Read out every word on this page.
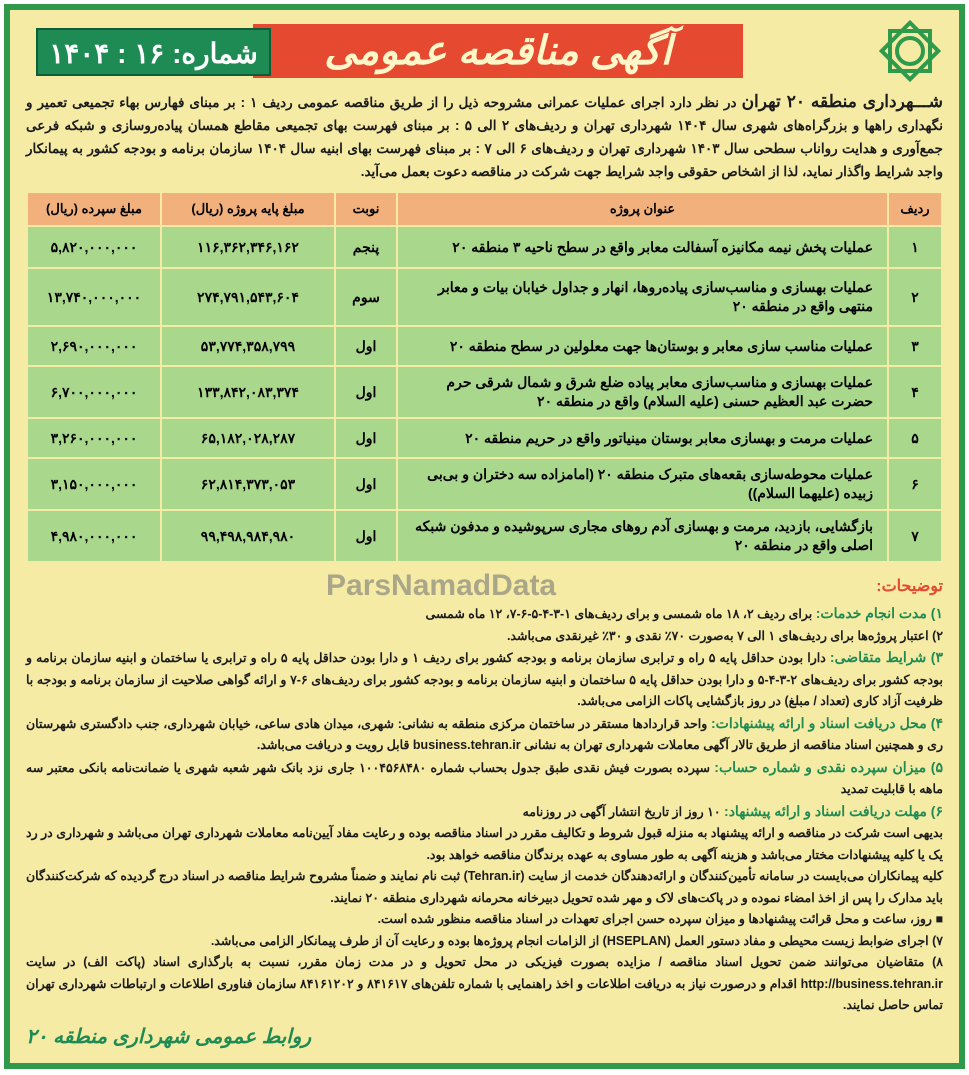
آگهی مناقصه عمومی
شماره: ۱۶ : ۱۴۰۴

شـــهرداری منطقه ۲۰ تهران در نظر دارد اجرای عملیات عمرانی مشروحه ذیل را از طریق مناقصه عمومی ردیف ۱ : بر مبنای فهارس بهاء تجمیعی تعمیر و نگهداری راهها و بزرگراه‌های شهری سال ۱۴۰۴ شهرداری تهران و ردیف‌های ۲ الی ۵ : بر مبنای فهرست بهای تجمیعی مقاطع همسان پیاده‌روسازی و شبکه فرعی جمع‌آوری و هدایت رواناب سطحی سال ۱۴۰۳ شهرداری تهران و ردیف‌های ۶ الی ۷ : بر مبنای فهرست بهای ابنیه سال ۱۴۰۴ سازمان برنامه و بودجه کشور به پیمانکار واجد شرایط واگذار نماید، لذا از اشخاص حقوقی واجد شرایط جهت شرکت در مناقصه دعوت بعمل می‌آید.

ردیف	عنوان پروژه	نوبت	مبلغ پایه پروژه (ریال)	مبلغ سپرده (ریال)
۱	عملیات پخش نیمه مکانیزه آسفالت معابر واقع در سطح ناحیه ۳ منطقه ۲۰	پنجم	۱۱۶,۳۶۲,۳۴۶,۱۶۲	۵,۸۲۰,۰۰۰,۰۰۰
۲	عملیات بهسازی و مناسب‌سازی پیاده‌روها، انهار و جداول خیابان بیات و معابر منتهی واقع در منطقه ۲۰	سوم	۲۷۴,۷۹۱,۵۴۳,۶۰۴	۱۳,۷۴۰,۰۰۰,۰۰۰
۳	عملیات مناسب سازی معابر و بوستان‌ها جهت معلولین در سطح منطقه ۲۰	اول	۵۳,۷۷۴,۳۵۸,۷۹۹	۲,۶۹۰,۰۰۰,۰۰۰
۴	عملیات بهسازی و مناسب‌سازی معابر پیاده ضلع شرق و شمال شرقی حرم حضرت عبد العظیم حسنی (علیه السلام) واقع در منطقه ۲۰	اول	۱۳۳,۸۴۲,۰۸۳,۳۷۴	۶,۷۰۰,۰۰۰,۰۰۰
۵	عملیات مرمت و بهسازی معابر بوستان مینیاتور واقع در حریم منطقه ۲۰	اول	۶۵,۱۸۲,۰۲۸,۲۸۷	۳,۲۶۰,۰۰۰,۰۰۰
۶	عملیات محوطه‌سازی بقعه‌های متبرک منطقه ۲۰ (امامزاده سه دختران و بی‌بی زبیده (علیهما السلام))	اول	۶۲,۸۱۴,۳۷۳,۰۵۳	۳,۱۵۰,۰۰۰,۰۰۰
۷	بازگشایی، بازدید، مرمت و بهسازی آدم روهای مجاری سرپوشیده و مدفون شبکه اصلی واقع در منطقه ۲۰	اول	۹۹,۴۹۸,۹۸۴,۹۸۰	۴,۹۸۰,۰۰۰,۰۰۰
توضیحات:
ParsNamadData

۱) مدت انجام خدمات: برای ردیف ۲، ۱۸ ماه شمسی و برای ردیف‌های ۱-۳-۴-۵-۶-۷، ۱۲ ماه شمسی

۲) اعتبار پروژه‌ها برای ردیف‌های ۱ الی ۷ به‌صورت ۷۰٪ نقدی و ۳۰٪ غیرنقدی می‌باشد.

۳) شرایط متقاضی: دارا بودن حداقل پایه ۵ راه و ترابری سازمان برنامه و بودجه کشور برای ردیف ۱ و دارا بودن حداقل پایه ۵ راه و ترابری یا ساختمان و ابنیه سازمان برنامه و بودجه کشور برای ردیف‌های ۲-۳-۴-۵ و دارا بودن حداقل پایه ۵ ساختمان و ابنیه سازمان برنامه و بودجه کشور برای ردیف‌های ۶-۷ و ارائه گواهی صلاحیت از سازمان برنامه و بودجه با ظرفیت آزاد کاری (تعداد / مبلغ) در روز بازگشایی پاکات الزامی می‌باشد.

۴) محل دریافت اسناد و ارائه پیشنهادات: واحد قراردادها مستقر در ساختمان مرکزی منطقه به نشانی: شهری، میدان هادی ساعی، خیابان شهرداری، جنب دادگستری شهرستان ری و همچنین اسناد مناقصه از طریق تالار آگهی معاملات شهرداری تهران به نشانی business.tehran.ir قابل رویت و دریافت می‌باشد.

۵) میزان سپرده نقدی و شماره حساب: سپرده بصورت فیش نقدی طبق جدول بحساب شماره ۱۰۰۴۵۶۸۴۸۰ جاری نزد بانک شهر شعبه شهری یا ضمانت‌نامه بانکی معتبر سه ماهه با قابلیت تمدید

۶) مهلت دریافت اسناد و ارائه پیشنهاد: ۱۰ روز از تاریخ انتشار آگهی در روزنامه

بدیهی است شرکت در مناقصه و ارائه پیشنهاد به منزله قبول شروط و تکالیف مقرر در اسناد مناقصه بوده و رعایت مفاد آیین‌نامه معاملات شهرداری تهران می‌باشد و شهرداری در رد یک یا کلیه پیشنهادات مختار می‌باشد و هزینه آگهی به طور مساوی به عهده برندگان مناقصه خواهد بود.

کلیه پیمانکاران می‌بایست در سامانه تأمین‌کنندگان و ارائه‌دهندگان خدمت از سایت (Tehran.ir) ثبت نام نمایند و ضمناً مشروح شرایط مناقصه در اسناد درج گردیده که شرکت‌کنندگان باید مدارک را پس از اخذ امضاء نموده و در پاکت‌های لاک و مهر شده تحویل دبیرخانه محرمانه شهرداری منطقه ۲۰ نمایند.

■ روز، ساعت و محل قرائت پیشنهادها و میزان سپرده حسن اجرای تعهدات در اسناد مناقصه منظور شده است.

۷) اجرای ضوابط زیست محیطی و مفاد دستور العمل (HSEPLAN) از الزامات انجام پروژه‌ها بوده و رعایت آن از طرف پیمانکار الزامی می‌باشد.

۸) متقاضیان می‌توانند ضمن تحویل اسناد مناقصه / مزایده بصورت فیزیکی در محل تحویل و در مدت زمان مقرر، نسبت به بارگذاری اسناد (پاکت الف) در سایت http://business.tehran.ir اقدام و درصورت نیاز به دریافت اطلاعات و اخذ راهنمایی با شماره تلفن‌های ۸۴۱۶۱۷ و ۸۴۱۶۱۲۰۲ سازمان فناوری اطلاعات و ارتباطات شهرداری تهران تماس حاصل نمایند.

روابط عمومی شهرداری منطقه ۲۰
